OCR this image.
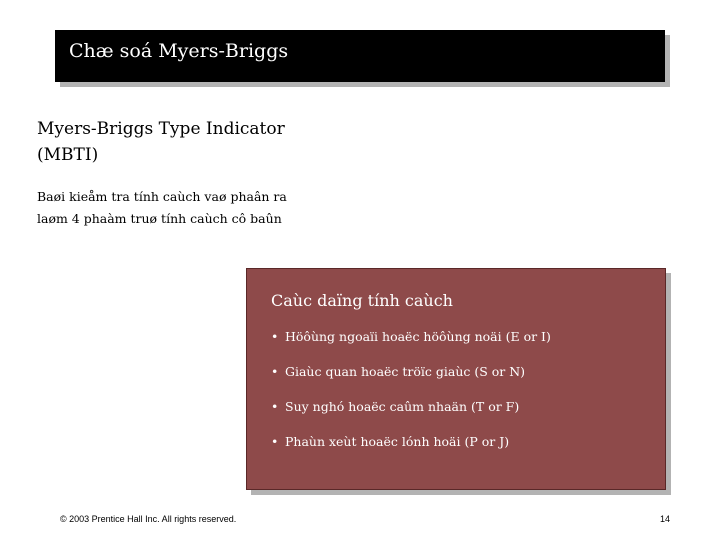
Chæ soá Myers-Briggs
Myers-Briggs Type Indicator
(MBTI)
Baøi kieåm tra tính caùch vaø phaân ra
laøm 4 phaàm truø tính caùch cô baûn
Caùc daïng tính caùch
• Höôùng ngoaïi hoaëc höôùng noäi (E or I)
• Giaùc quan hoaëc tröïc giaùc (S or N)
• Suy nghó hoaëc caûm nhaän (T or F)
• Phaùn xeùt hoaëc lónh hoäi (P or J)
© 2003 Prentice Hall Inc. All rights reserved.	14
